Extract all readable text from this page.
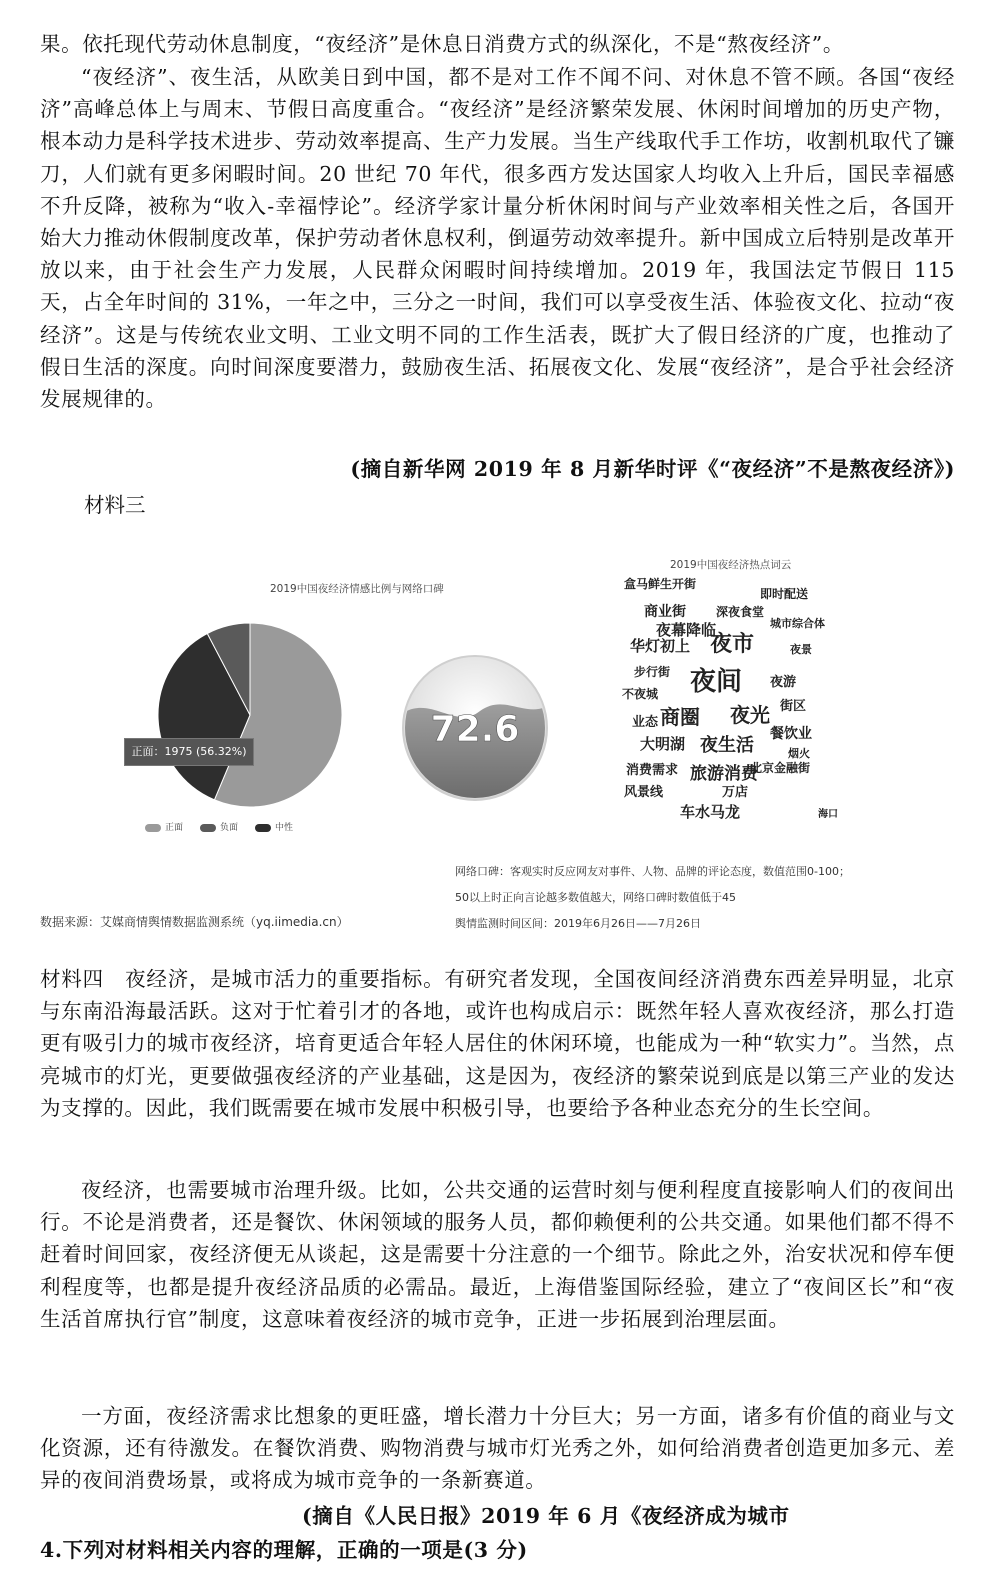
果。依托现代劳动休息制度，“夜经济”是休息日消费方式的纵深化，不是“熬夜经济”。

“夜经济”、夜生活，从欧美日到中国，都不是对工作不闻不问、对休息不管不顾。各国“夜经济”高峰总体上与周末、节假日高度重合。“夜经济”是经济繁荣发展、休闲时间增加的历史产物，根本动力是科学技术进步、劳动效率提高、生产力发展。当生产线取代手工作坊，收割机取代了镰刀，人们就有更多闲暇时间。20 世纪 70 年代，很多西方发达国家人均收入上升后，国民幸福感不升反降，被称为“收入-幸福悖论”。经济学家计量分析休闲时间与产业效率相关性之后，各国开始大力推动休假制度改革，保护劳动者休息权利，倒逼劳动效率提升。新中国成立后特别是改革开放以来，由于社会生产力发展，人民群众闲暇时间持续增加。2019 年，我国法定节假日 115 天，占全年时间的 31%，一年之中，三分之一时间，我们可以享受夜生活、体验夜文化、拉动“夜经济”。这是与传统农业文明、工业文明不同的工作生活表，既扩大了假日经济的广度，也推动了假日生活的深度。向时间深度要潜力，鼓励夜生活、拓展夜文化、发展“夜经济”，是合乎社会经济发展规律的。

(摘自新华网 2019 年 8 月新华时评《“夜经济”不是熬夜经济》)

材料三
2019中国夜经济情感比例与网络口碑
正面：1975 (56.32%)
正面	负面	中性
72.6
2019中国夜经济热点词云
盒马鲜生开街
即时配送
商业街
夜间
夜市
夜光
商圈
夜生活
旅游消费
万店
车水马龙	海口
北京金融街
大明湖
餐饮业
华灯初上
夜幕降临
夜游
风景线
消费需求
街区
不夜城
城市综合体
夜景
步行街
业态
烟火
深夜食堂
网络口碑：客观实时反应网友对事件、人物、品牌的评论态度，数值范围0-100；
50以上时正向言论越多数值越大，网络口碑时数值低于45
舆情监测时间区间：2019年6月26日——7月26日
数据来源：艾媒商情舆情数据监测系统（yq.iimedia.cn）

材料四　夜经济，是城市活力的重要指标。有研究者发现，全国夜间经济消费东西差异明显，北京与东南沿海最活跃。这对于忙着引才的各地，或许也构成启示：既然年轻人喜欢夜经济，那么打造更有吸引力的城市夜经济，培育更适合年轻人居住的休闲环境，也能成为一种“软实力”。当然，点亮城市的灯光，更要做强夜经济的产业基础，这是因为，夜经济的繁荣说到底是以第三产业的发达为支撑的。因此，我们既需要在城市发展中积极引导，也要给予各种业态充分的生长空间。

夜经济，也需要城市治理升级。比如，公共交通的运营时刻与便利程度直接影响人们的夜间出行。不论是消费者，还是餐饮、休闲领域的服务人员，都仰赖便利的公共交通。如果他们都不得不赶着时间回家，夜经济便无从谈起，这是需要十分注意的一个细节。除此之外，治安状况和停车便利程度等，也都是提升夜经济品质的必需品。最近，上海借鉴国际经验，建立了“夜间区长”和“夜生活首席执行官”制度，这意味着夜经济的城市竞争，正进一步拓展到治理层面。

一方面，夜经济需求比想象的更旺盛，增长潜力十分巨大；另一方面，诸多有价值的商业与文化资源，还有待激发。在餐饮消费、购物消费与城市灯光秀之外，如何给消费者创造更加多元、差异的夜间消费场景，或将成为城市竞争的一条新赛道。

(摘自《人民日报》2019 年 6 月《夜经济成为城市
4.下列对材料相关内容的理解，正确的一项是(3 分)
